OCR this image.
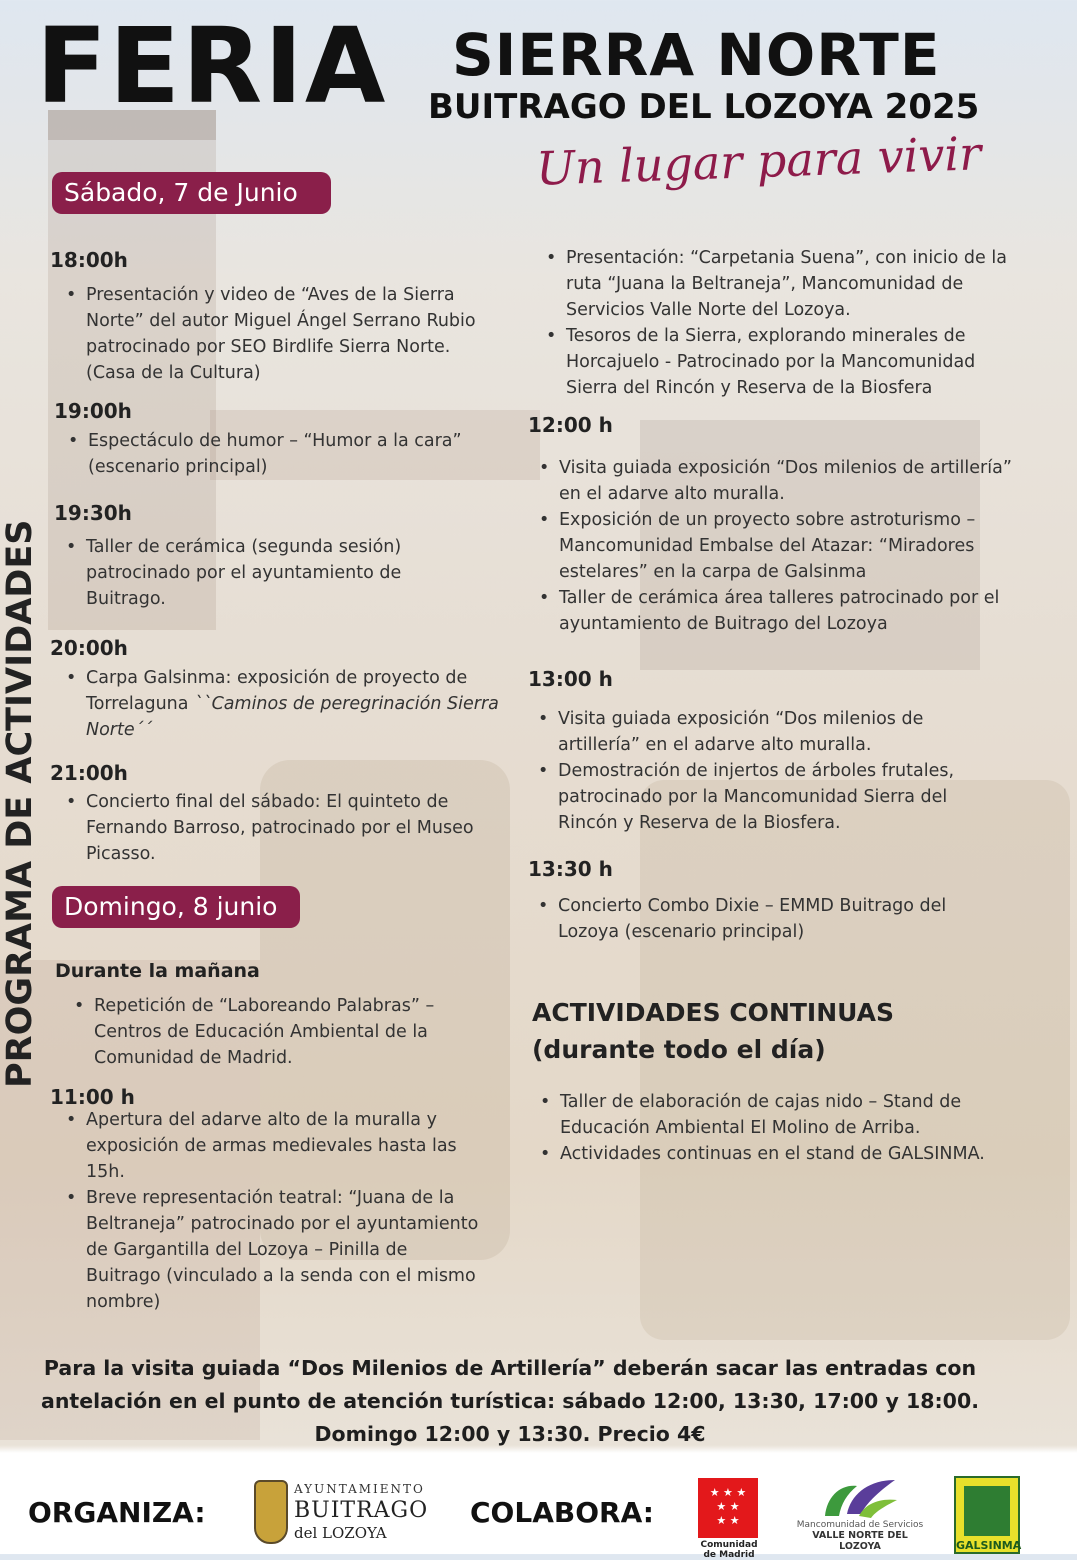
FERIA SIERRA NORTE
BUITRAGO DEL LOZOYA 2025
Un lugar para vivir
PROGRAMA DE ACTIVIDADES
Sábado, 7 de Junio
18:00h
• Presentación y video de “Aves de la Sierra Norte” del autor Miguel Ángel Serrano Rubio patrocinado por SEO Birdlife Sierra Norte. (Casa de la Cultura)
19:00h
• Espectáculo de humor – “Humor a la cara” (escenario principal)
19:30h
• Taller de cerámica (segunda sesión) patrocinado por el ayuntamiento de Buitrago.
20:00h
• Carpa Galsinma: exposición de proyecto de Torrelaguna ``Caminos de peregrinación Sierra Norte´´
21:00h
• Concierto final del sábado: El quinteto de Fernando Barroso, patrocinado por el Museo Picasso.
Domingo, 8 junio
Durante la mañana
• Repetición de “Laboreando Palabras” – Centros de Educación Ambiental de la Comunidad de Madrid.
11:00 h
• Apertura del adarve alto de la muralla y exposición de armas medievales hasta las 15h.
• Breve representación teatral: “Juana de la Beltraneja” patrocinado por el ayuntamiento de Gargantilla del Lozoya – Pinilla de Buitrago (vinculado a la senda con el mismo nombre)
• Presentación: “Carpetania Suena”, con inicio de la ruta “Juana la Beltraneja”, Mancomunidad de Servicios Valle Norte del Lozoya.
• Tesoros de la Sierra, explorando minerales de Horcajuelo - Patrocinado por la Mancomunidad Sierra del Rincón y Reserva de la Biosfera
12:00 h
• Visita guiada exposición “Dos milenios de artillería” en el adarve alto muralla.
• Exposición de un proyecto sobre astroturismo – Mancomunidad Embalse del Atazar: “Miradores estelares” en la carpa de Galsinma
• Taller de cerámica área talleres patrocinado por el ayuntamiento de Buitrago del Lozoya
13:00 h
• Visita guiada exposición “Dos milenios de artillería” en el adarve alto muralla.
• Demostración de injertos de árboles frutales, patrocinado por la Mancomunidad Sierra del Rincón y Reserva de la Biosfera.
13:30 h
• Concierto Combo Dixie – EMMD Buitrago del Lozoya (escenario principal)
ACTIVIDADES CONTINUAS
(durante todo el día)
• Taller de elaboración de cajas nido – Stand de Educación Ambiental El Molino de Arriba.
• Actividades continuas en el stand de GALSINMA.
Para la visita guiada “Dos Milenios de Artillería” deberán sacar las entradas con antelación en el punto de atención turística: sábado 12:00, 13:30, 17:00 y 18:00. Domingo 12:00 y 13:30. Precio 4€
ORGANIZA:
AYUNTAMIENTO
BUITRAGO
del LOZOYA
COLABORA:
★ ★ ★
★ ★
★ ★
Comunidad de Madrid
Mancomunidad de Servicios
VALLE NORTE DEL LOZOYA	GALSINMA
